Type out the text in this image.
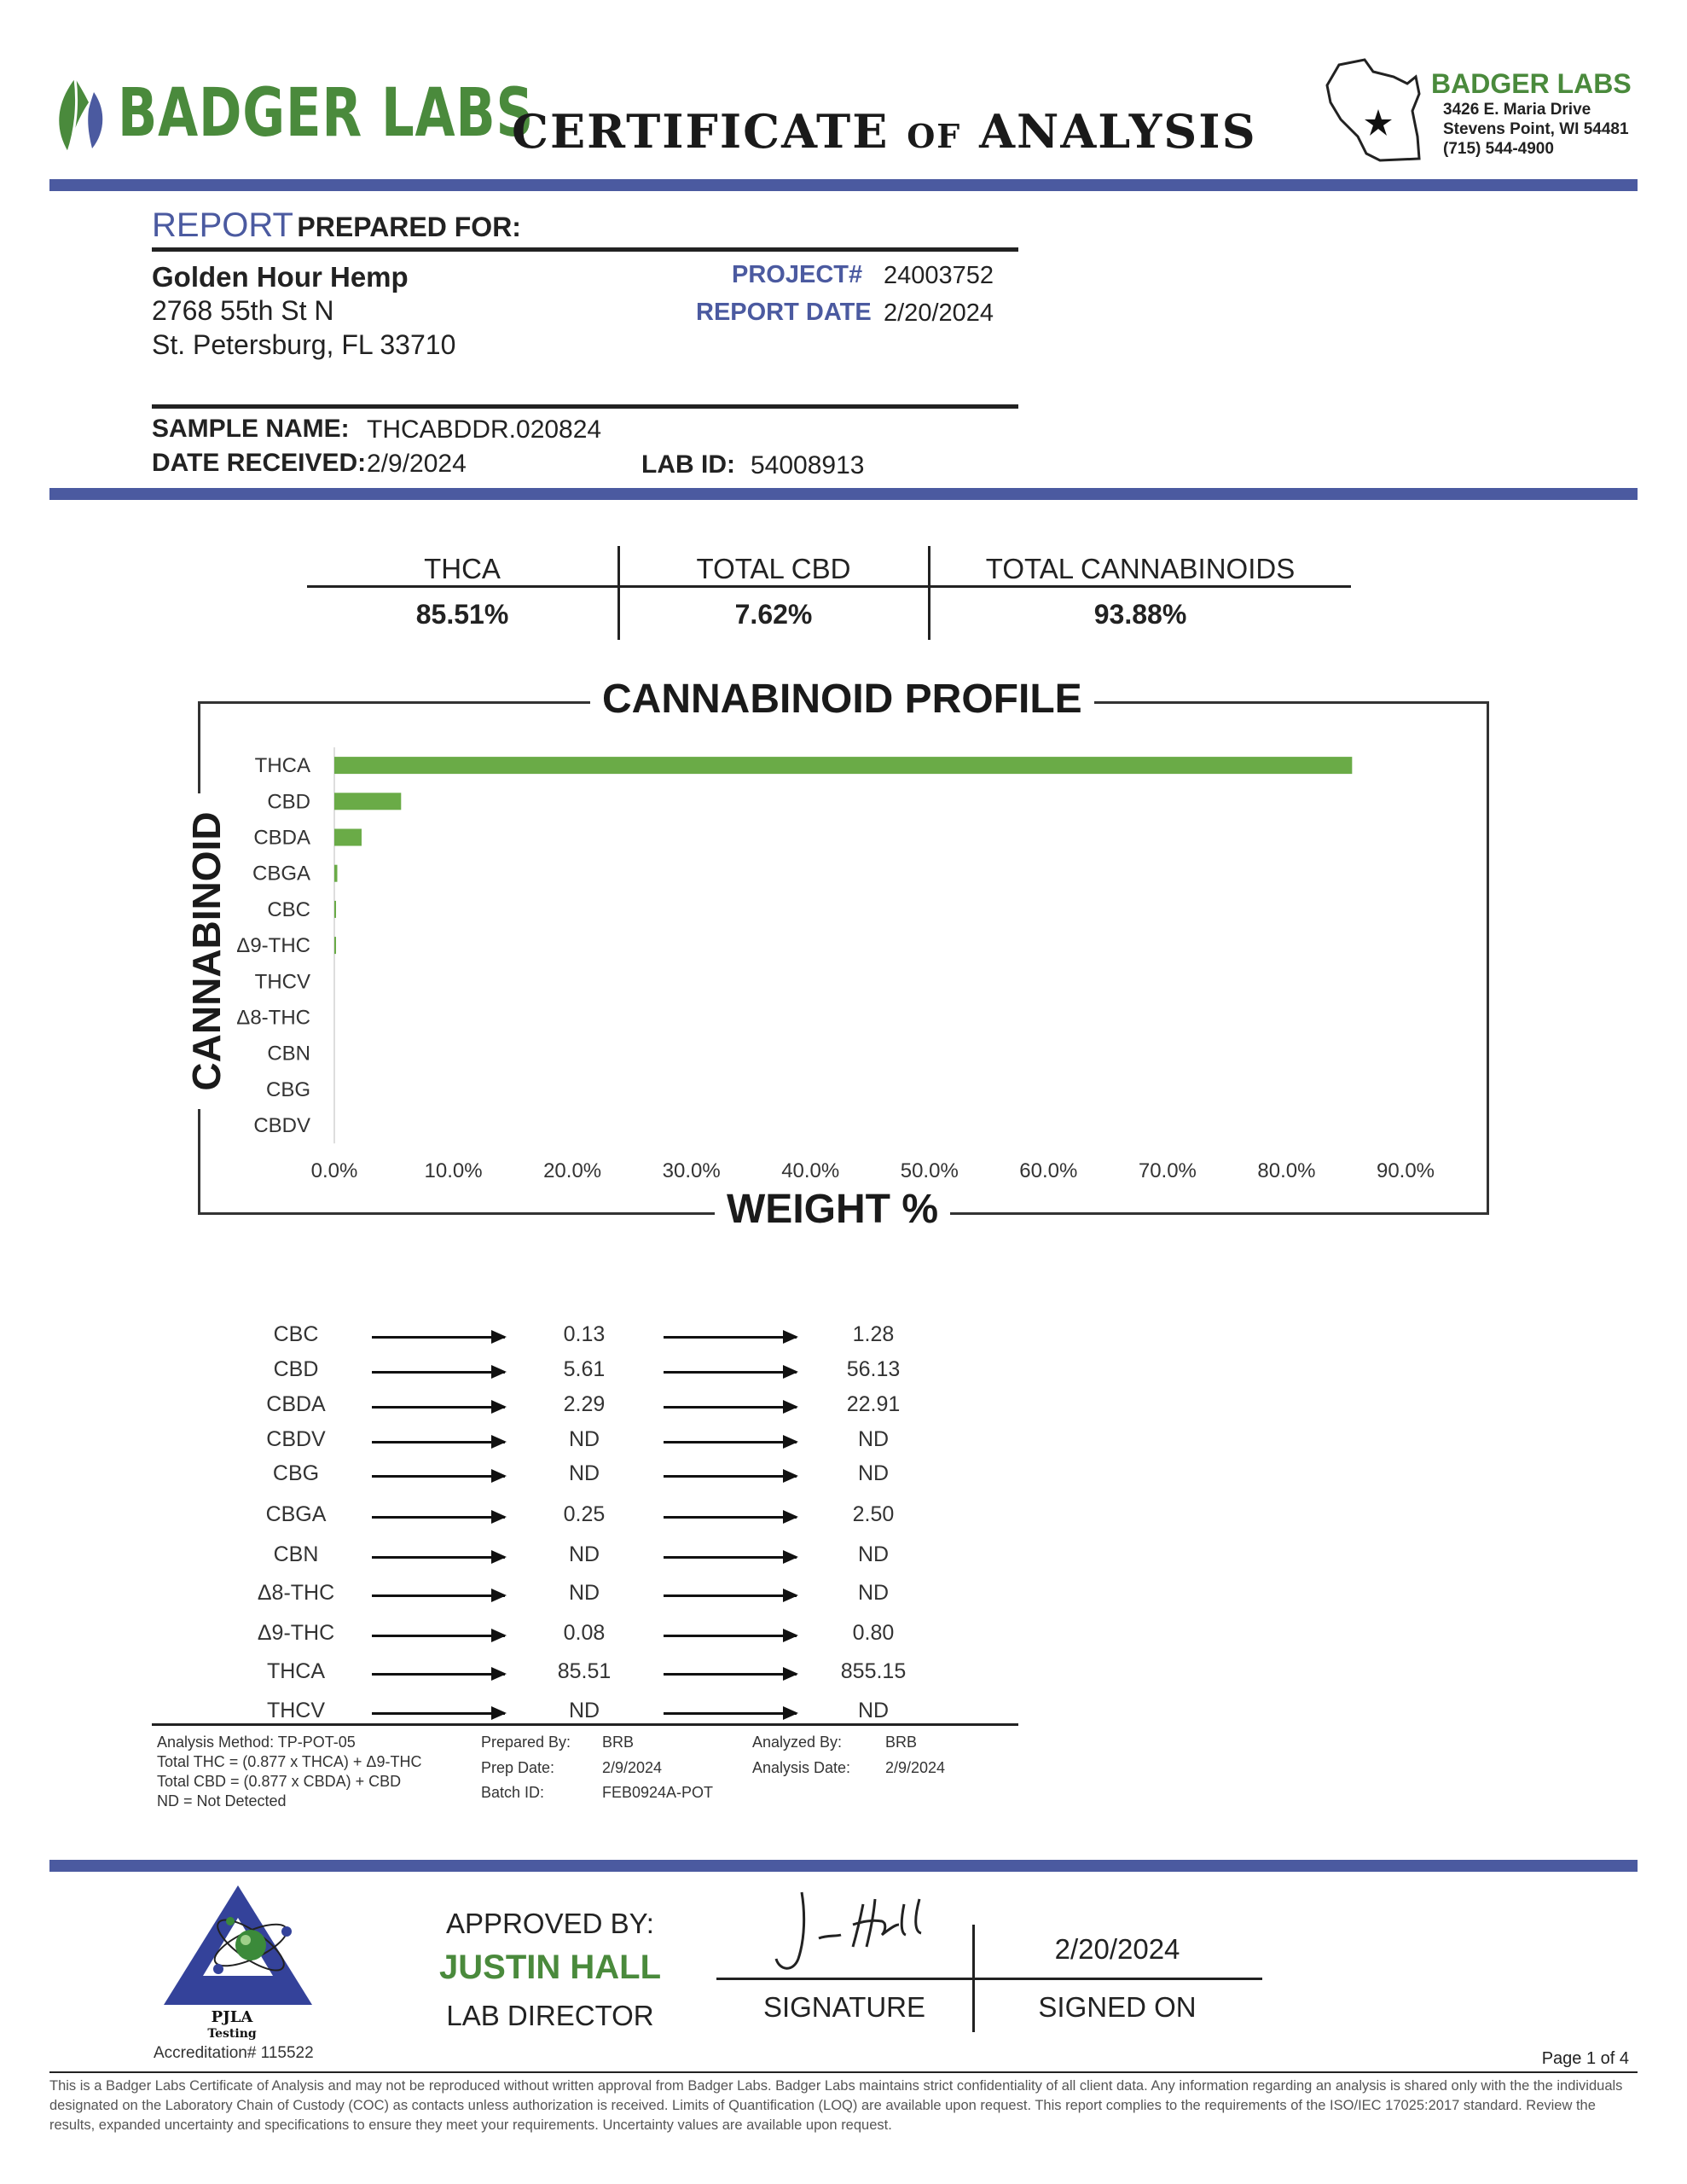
BADGER LABS
CERTIFICATE OF ANALYSIS
BADGER LABS
3426 E. Maria Drive
Stevens Point, WI 54481
(715) 544-4900
REPORT PREPARED FOR:
Golden Hour Hemp
2768 55th St N
St. Petersburg, FL 33710
PROJECT# 24003752
REPORT DATE 2/20/2024
SAMPLE NAME: THCABDDR.020824
DATE RECEIVED: 2/9/2024	LAB ID: 54008913
THCA	TOTAL CBD	TOTAL CANNABINOIDS
85.51%	7.62%	93.88%
CANNABINOID PROFILE
WEIGHT %
CANNABINOID
THCA
CBD
CBDA
CBGA
CBC
Δ9-THC
THCV
Δ8-THC
CBN
CBG
CBDV
0.0%	10.0%	20.0%	30.0%	40.0%	50.0%	60.0%	70.0%	80.0%	90.0%
CANNABINOID	WEIGHT (%)	MG/G
CBC	0.13	1.28
CBD	5.61	56.13
CBDA	2.29	22.91
CBDV	ND	ND
CBG	ND	ND
CBGA	0.25	2.50
CBN	ND	ND
Δ8-THC	ND	ND
Δ9-THC	0.08	0.80
THCA	85.51	855.15
THCV	ND	ND
Analysis Method: TP-POT-05
Total THC = (0.877 x THCA) + Δ9-THC
Total CBD = (0.877 x CBDA) + CBD
ND = Not Detected
Prepared By: BRB
Prep Date:	2/9/2024
Batch ID:	FEB0924A-POT
Analyzed By:	BRB
Analysis Date: 2/9/2024
PJLA
Testing
Accreditation# 115522
APPROVED BY:
JUSTIN HALL
LAB DIRECTOR
2/20/2024
SIGNATURE	SIGNED ON
Page 1 of 4
This is a Badger Labs Certificate of Analysis and may not be reproduced without written approval from Badger Labs. Badger Labs maintains strict confidentiality of all client data. Any information regarding an analysis is shared only with the the individuals designated on the Laboratory Chain of Custody (COC) as contacts unless authorization is received. Limits of Quantification (LOQ) are available upon request. This report complies to the requirements of the ISO/IEC 17025:2017 standard. Review the results, expanded uncertainty and specifications to ensure they meet your requirements. Uncertainty values are available upon request.
